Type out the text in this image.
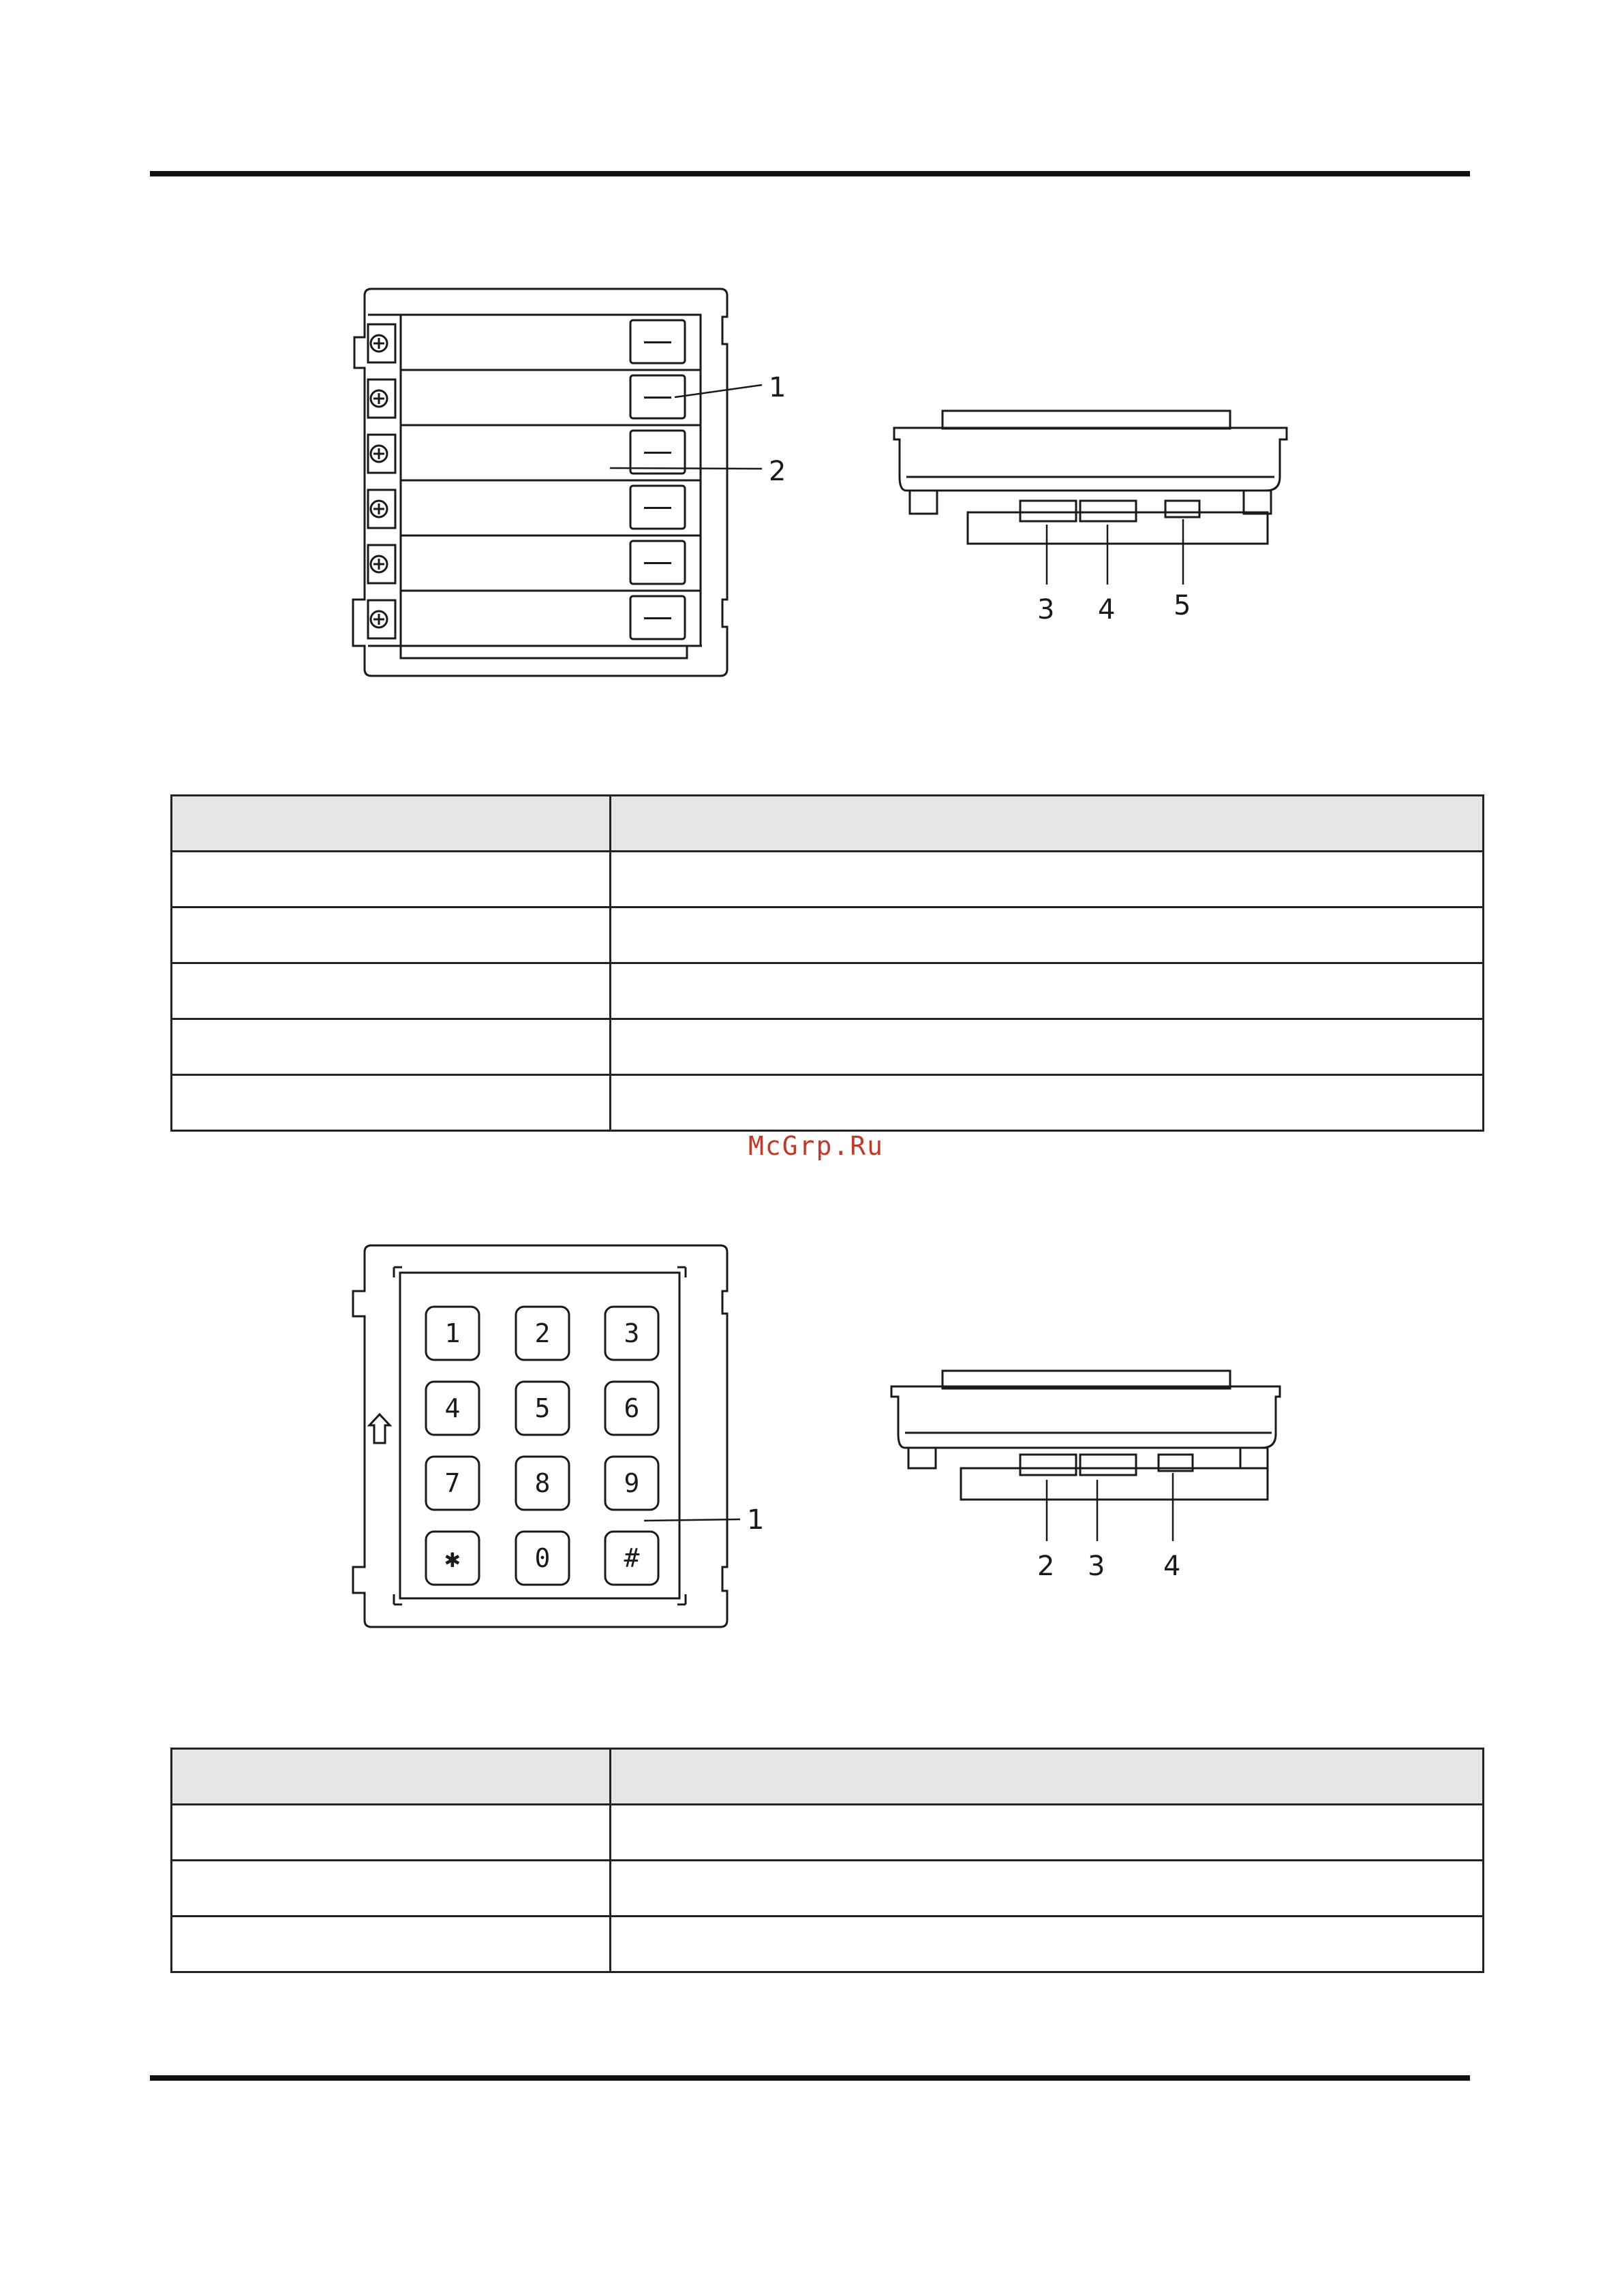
1
2
3 4 5

McGrp.Ru
1	2	3
4	5	6
7	8	9
✱	0	#
1
2 3 4
